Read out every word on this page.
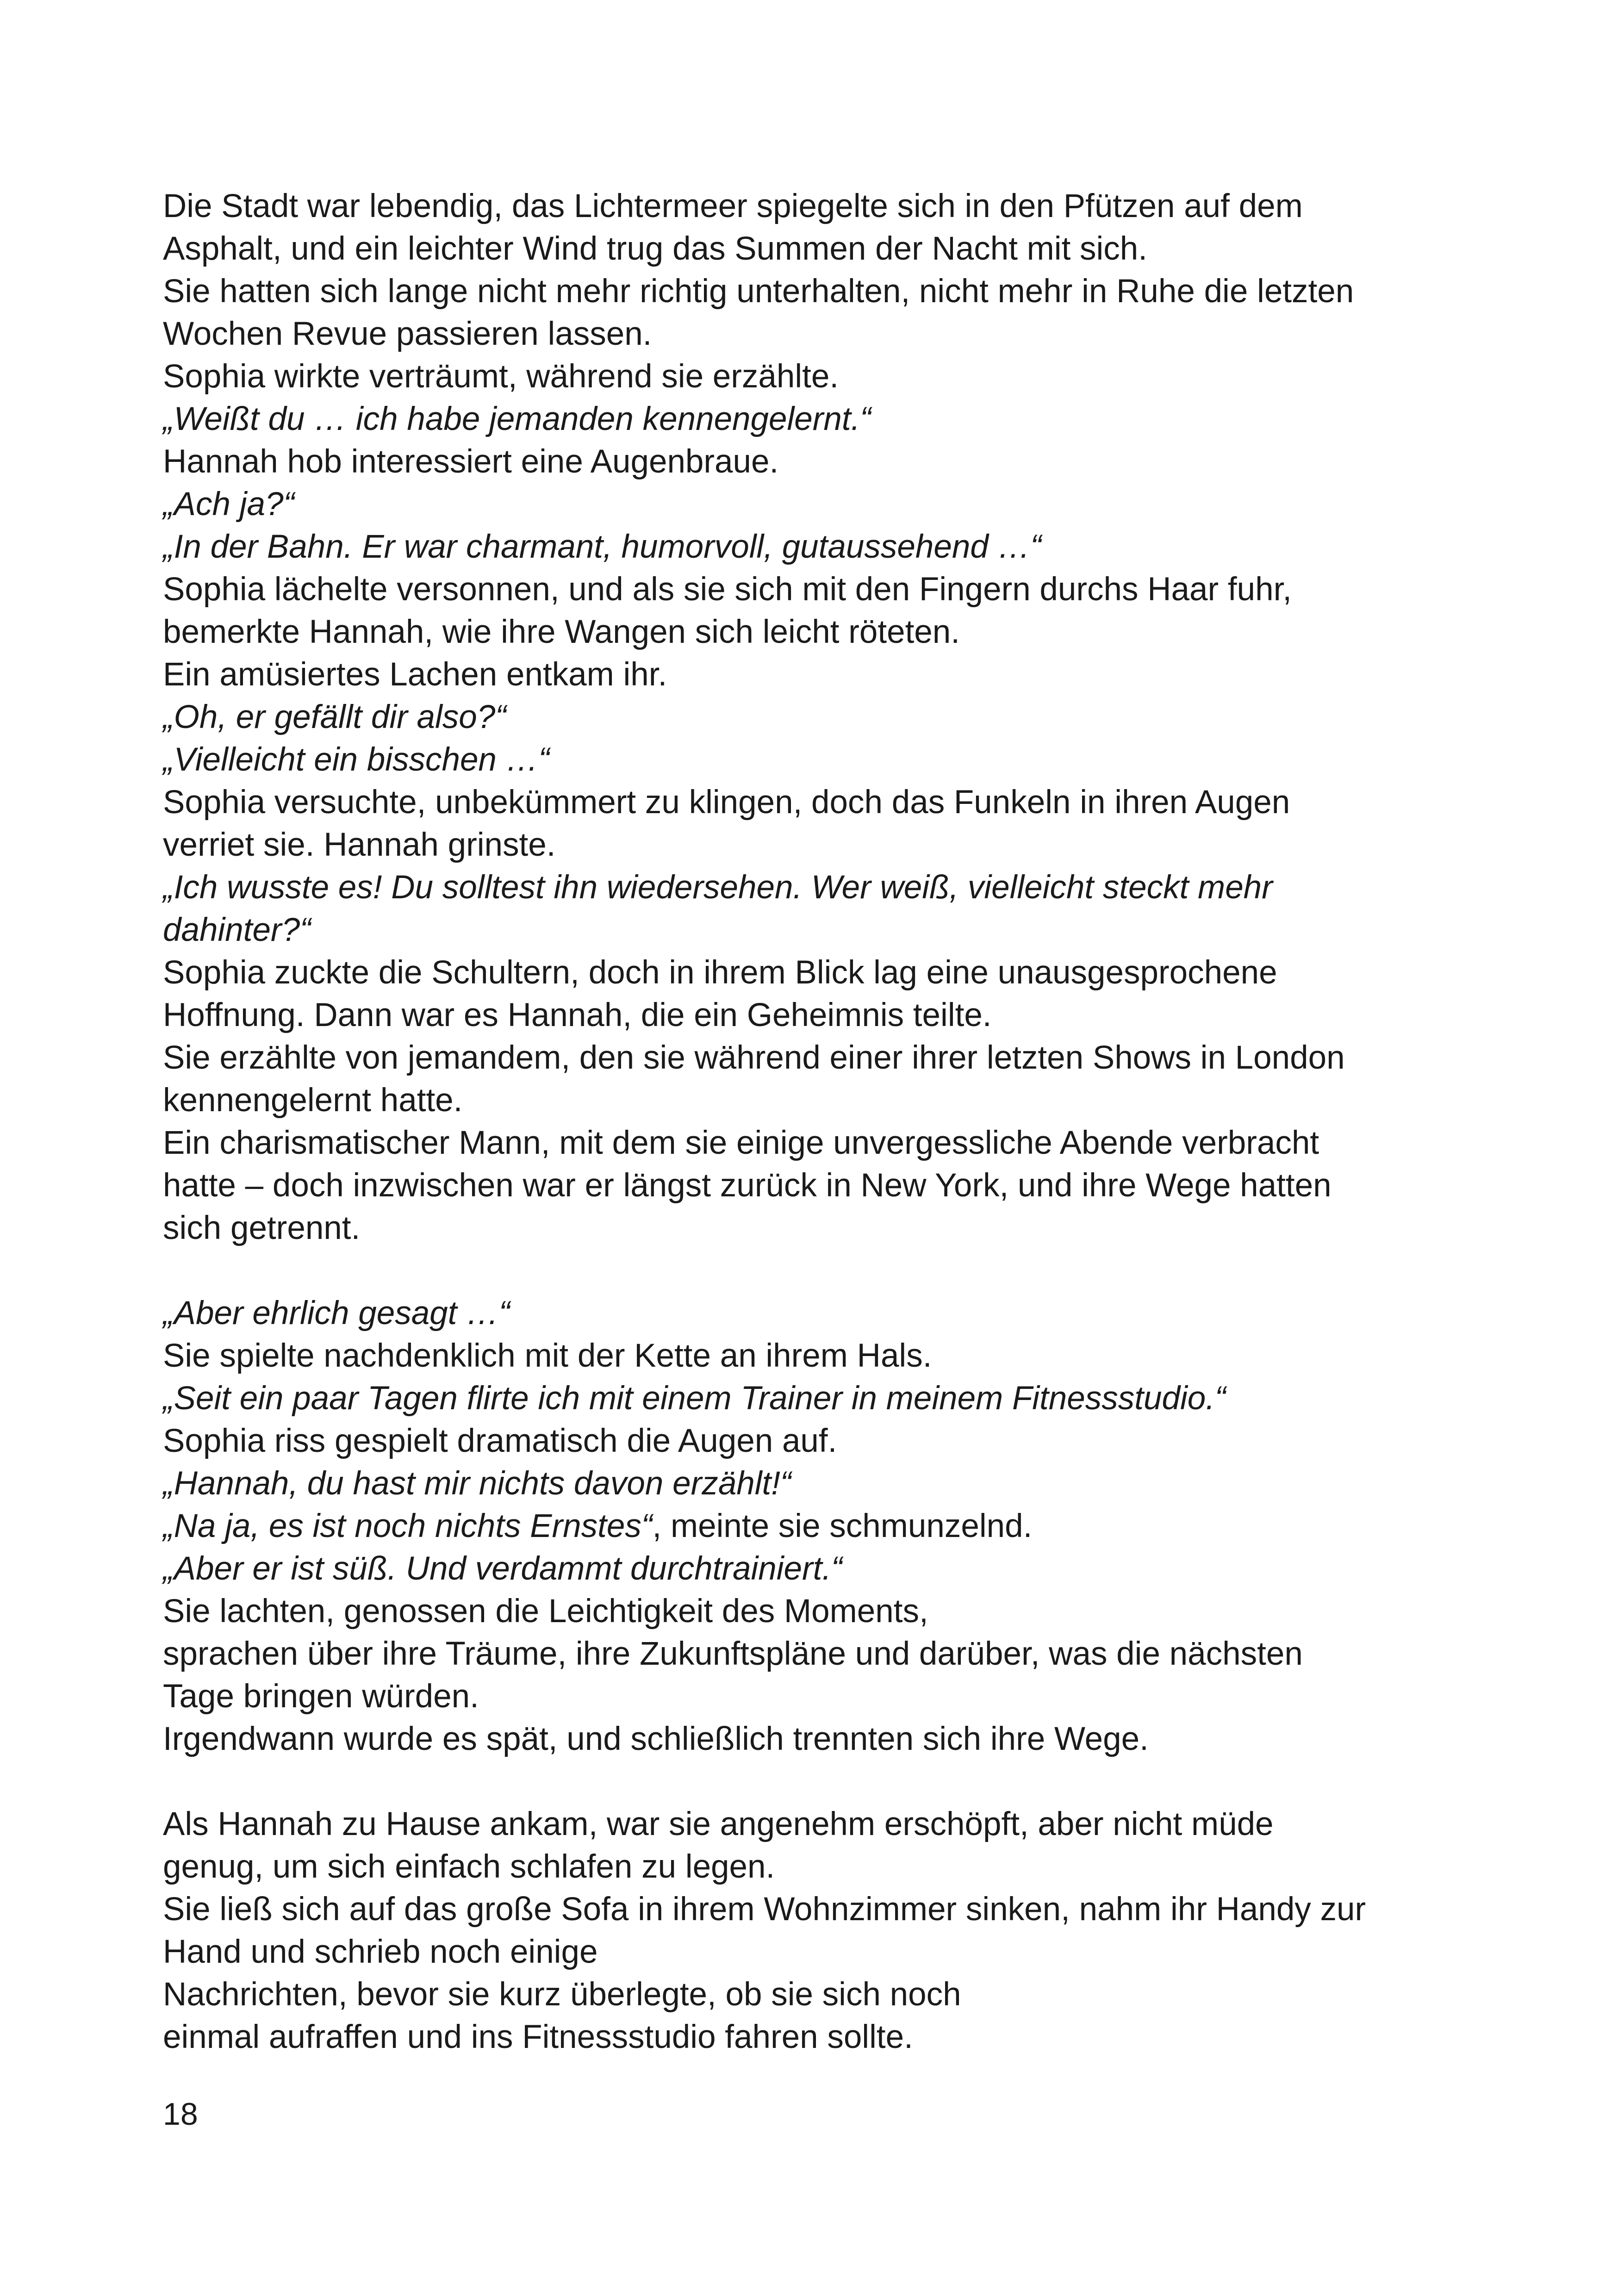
Die Stadt war lebendig, das Lichtermeer spiegelte sich in den Pfützen auf dem
Asphalt, und ein leichter Wind trug das Summen der Nacht mit sich.
Sie hatten sich lange nicht mehr richtig unterhalten, nicht mehr in Ruhe die letzten
Wochen Revue passieren lassen.
Sophia wirkte verträumt, während sie erzählte.
„Weißt du … ich habe jemanden kennengelernt.“
Hannah hob interessiert eine Augenbraue.
„Ach ja?“
„In der Bahn. Er war charmant, humorvoll, gutaussehend …“
Sophia lächelte versonnen, und als sie sich mit den Fingern durchs Haar fuhr,
bemerkte Hannah, wie ihre Wangen sich leicht röteten.
Ein amüsiertes Lachen entkam ihr.
„Oh, er gefällt dir also?“
„Vielleicht ein bisschen …“
Sophia versuchte, unbekümmert zu klingen, doch das Funkeln in ihren Augen
verriet sie. Hannah grinste.
„Ich wusste es! Du solltest ihn wiedersehen. Wer weiß, vielleicht steckt mehr
dahinter?“
Sophia zuckte die Schultern, doch in ihrem Blick lag eine unausgesprochene
Hoffnung. Dann war es Hannah, die ein Geheimnis teilte.
Sie erzählte von jemandem, den sie während einer ihrer letzten Shows in London
kennengelernt hatte.
Ein charismatischer Mann, mit dem sie einige unvergessliche Abende verbracht
hatte – doch inzwischen war er längst zurück in New York, und ihre Wege hatten
sich getrennt.
„Aber ehrlich gesagt …“
Sie spielte nachdenklich mit der Kette an ihrem Hals.
„Seit ein paar Tagen flirte ich mit einem Trainer in meinem Fitnessstudio.“
Sophia riss gespielt dramatisch die Augen auf.
„Hannah, du hast mir nichts davon erzählt!“
„Na ja, es ist noch nichts Ernstes“, meinte sie schmunzelnd.
„Aber er ist süß. Und verdammt durchtrainiert.“
Sie lachten, genossen die Leichtigkeit des Moments,
sprachen über ihre Träume, ihre Zukunftspläne und darüber, was die nächsten
Tage bringen würden.
Irgendwann wurde es spät, und schließlich trennten sich ihre Wege.
Als Hannah zu Hause ankam, war sie angenehm erschöpft, aber nicht müde
genug, um sich einfach schlafen zu legen.
Sie ließ sich auf das große Sofa in ihrem Wohnzimmer sinken, nahm ihr Handy zur
Hand und schrieb noch einige
Nachrichten, bevor sie kurz überlegte, ob sie sich noch
einmal aufraffen und ins Fitnessstudio fahren sollte.
18
